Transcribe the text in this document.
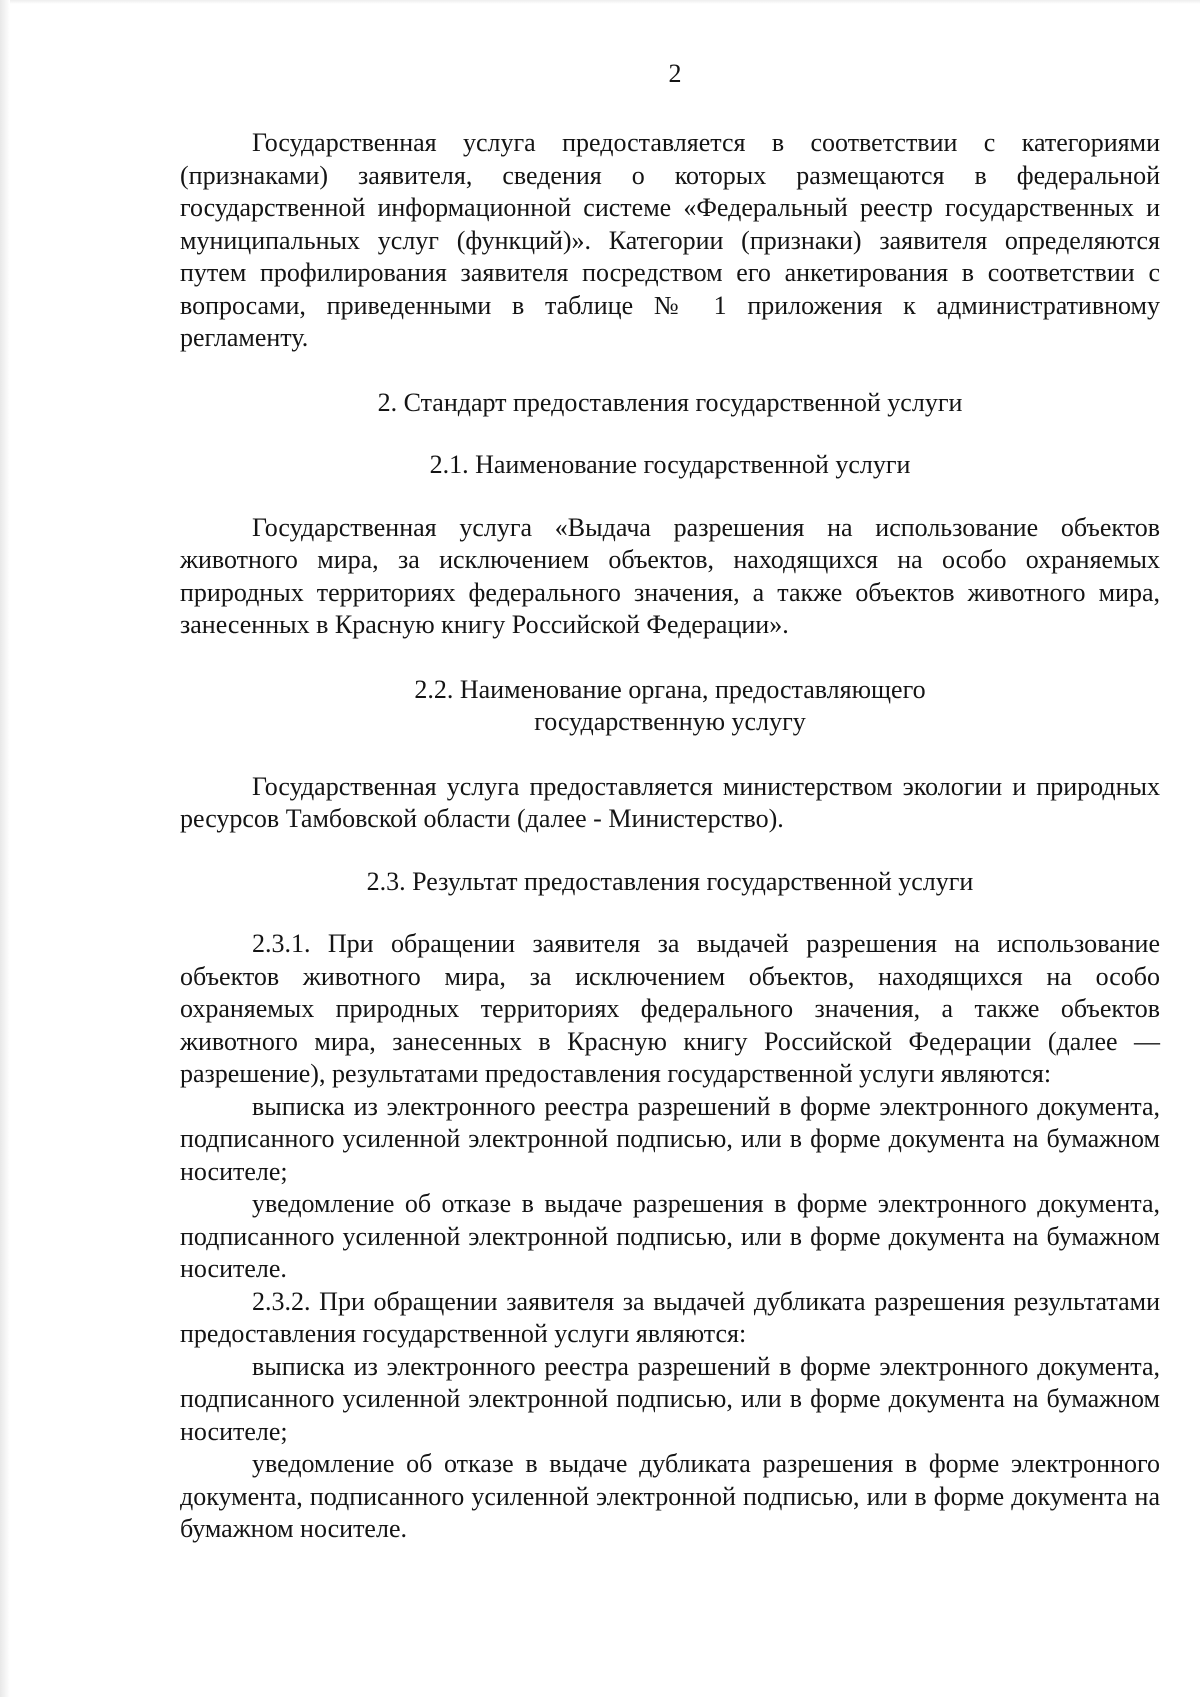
2

Государственная услуга предоставляется в соответствии с категориями (признаками) заявителя, сведения о которых размещаются в федеральной государственной информационной системе «Федеральный реестр государственных и муниципальных услуг (функций)». Категории (признаки) заявителя определяются путем профилирования заявителя посредством его анкетирования в соответствии с вопросами, приведенными в таблице № 1 приложения к административному регламенту.

2. Стандарт предоставления государственной услуги
2.1. Наименование государственной услуги

Государственная услуга «Выдача разрешения на использование объектов животного мира, за исключением объектов, находящихся на особо охраняемых природных территориях федерального значения, а также объектов животного мира, занесенных в Красную книгу Российской Федерации».

2.2. Наименование органа, предоставляющего
государственную услугу

Государственная услуга предоставляется министерством экологии и природных ресурсов Тамбовской области (далее - Министерство).

2.3. Результат предоставления государственной услуги

2.3.1. При обращении заявителя за выдачей разрешения на использование объектов животного мира, за исключением объектов, находящихся на особо охраняемых природных территориях федерального значения, а также объектов животного мира, занесенных в Красную книгу Российской Федерации (далее — разрешение), результатами предоставления государственной услуги являются:

выписка из электронного реестра разрешений в форме электронного документа, подписанного усиленной электронной подписью, или в форме документа на бумажном носителе;

уведомление об отказе в выдаче разрешения в форме электронного документа, подписанного усиленной электронной подписью, или в форме документа на бумажном носителе.

2.3.2. При обращении заявителя за выдачей дубликата разрешения результатами предоставления государственной услуги являются:

выписка из электронного реестра разрешений в форме электронного документа, подписанного усиленной электронной подписью, или в форме документа на бумажном носителе;

уведомление об отказе в выдаче дубликата разрешения в форме электронного документа, подписанного усиленной электронной подписью, или в форме документа на бумажном носителе.
